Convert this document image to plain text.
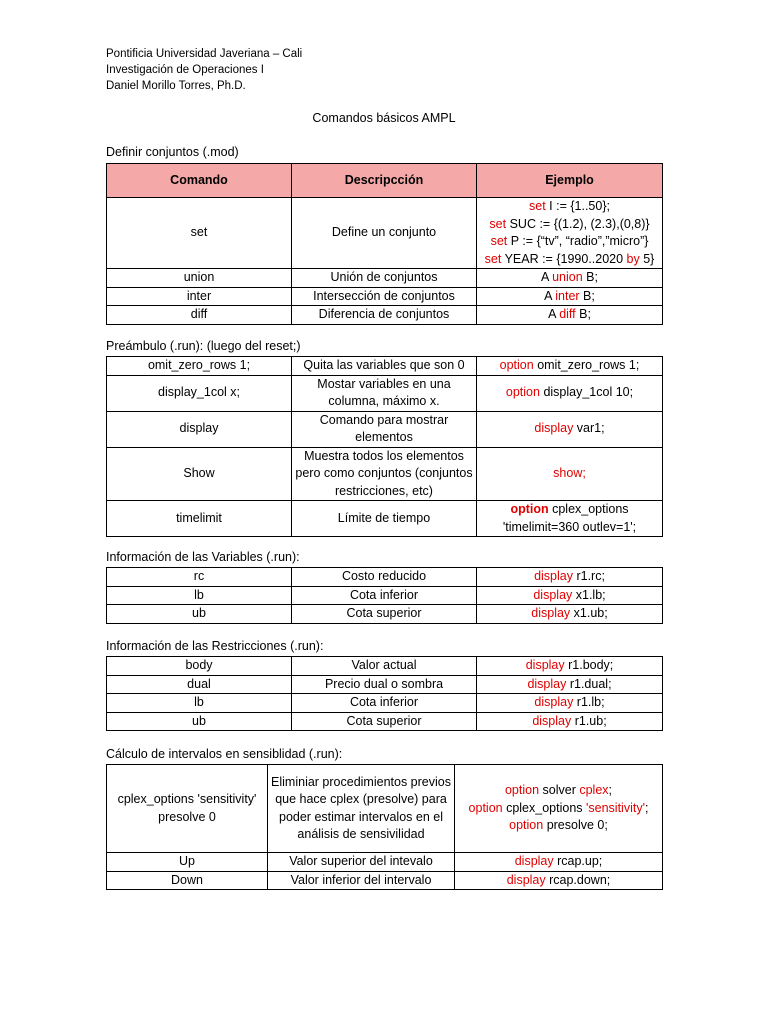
Pontificia Universidad Javeriana – Cali
Investigación de Operaciones I
Daniel Morillo Torres, Ph.D.
Comandos básicos AMPL
Definir conjuntos (.mod)
Comando	Descripcción	Ejemplo
set	Define un conjunto	set I := {1..50};
set SUC := {(1.2), (2.3),(0,8)}
set P := {“tv”, “radio”,”micro”}
set YEAR := {1990..2020 by 5}

union	Unión de conjuntos	A union B;

inter	Intersección de conjuntos	A inter B;

diff	Diferencia de conjuntos	A diff B;
Preámbulo (.run): (luego del reset;)
omit_zero_rows 1;	Quita las variables que son 0	option omit_zero_rows 1;

display_1col x;	Mostar variables en una columna, máximo x.	option display_1col 10;

display	Comando para mostrar elementos	display var1;

Show	Muestra todos los elementos pero como conjuntos (conjuntos restricciones, etc)	show;

timelimit	Límite de tiempo	option cplex_options
'timelimit=360 outlev=1';
Información de las Variables (.run):
rc	Costo reducido	display r1.rc;

lb	Cota inferior	display x1.lb;

ub	Cota superior	display x1.ub;
Información de las Restricciones (.run):
body	Valor actual	display r1.body;

dual	Precio dual o sombra	display r1.dual;

lb	Cota inferior	display r1.lb;

ub	Cota superior	display r1.ub;
Cálculo de intervalos en sensiblidad (.run):
cplex_options 'sensitivity' presolve 0	Eliminiar procedimientos previos que hace cplex (presolve) para poder estimar intervalos en el análisis de sensivilidad	option solver cplex;
option cplex_options 'sensitivity';
option presolve 0;

Up	Valor superior del intevalo	display rcap.up;

Down	Valor inferior del intervalo	display rcap.down;
